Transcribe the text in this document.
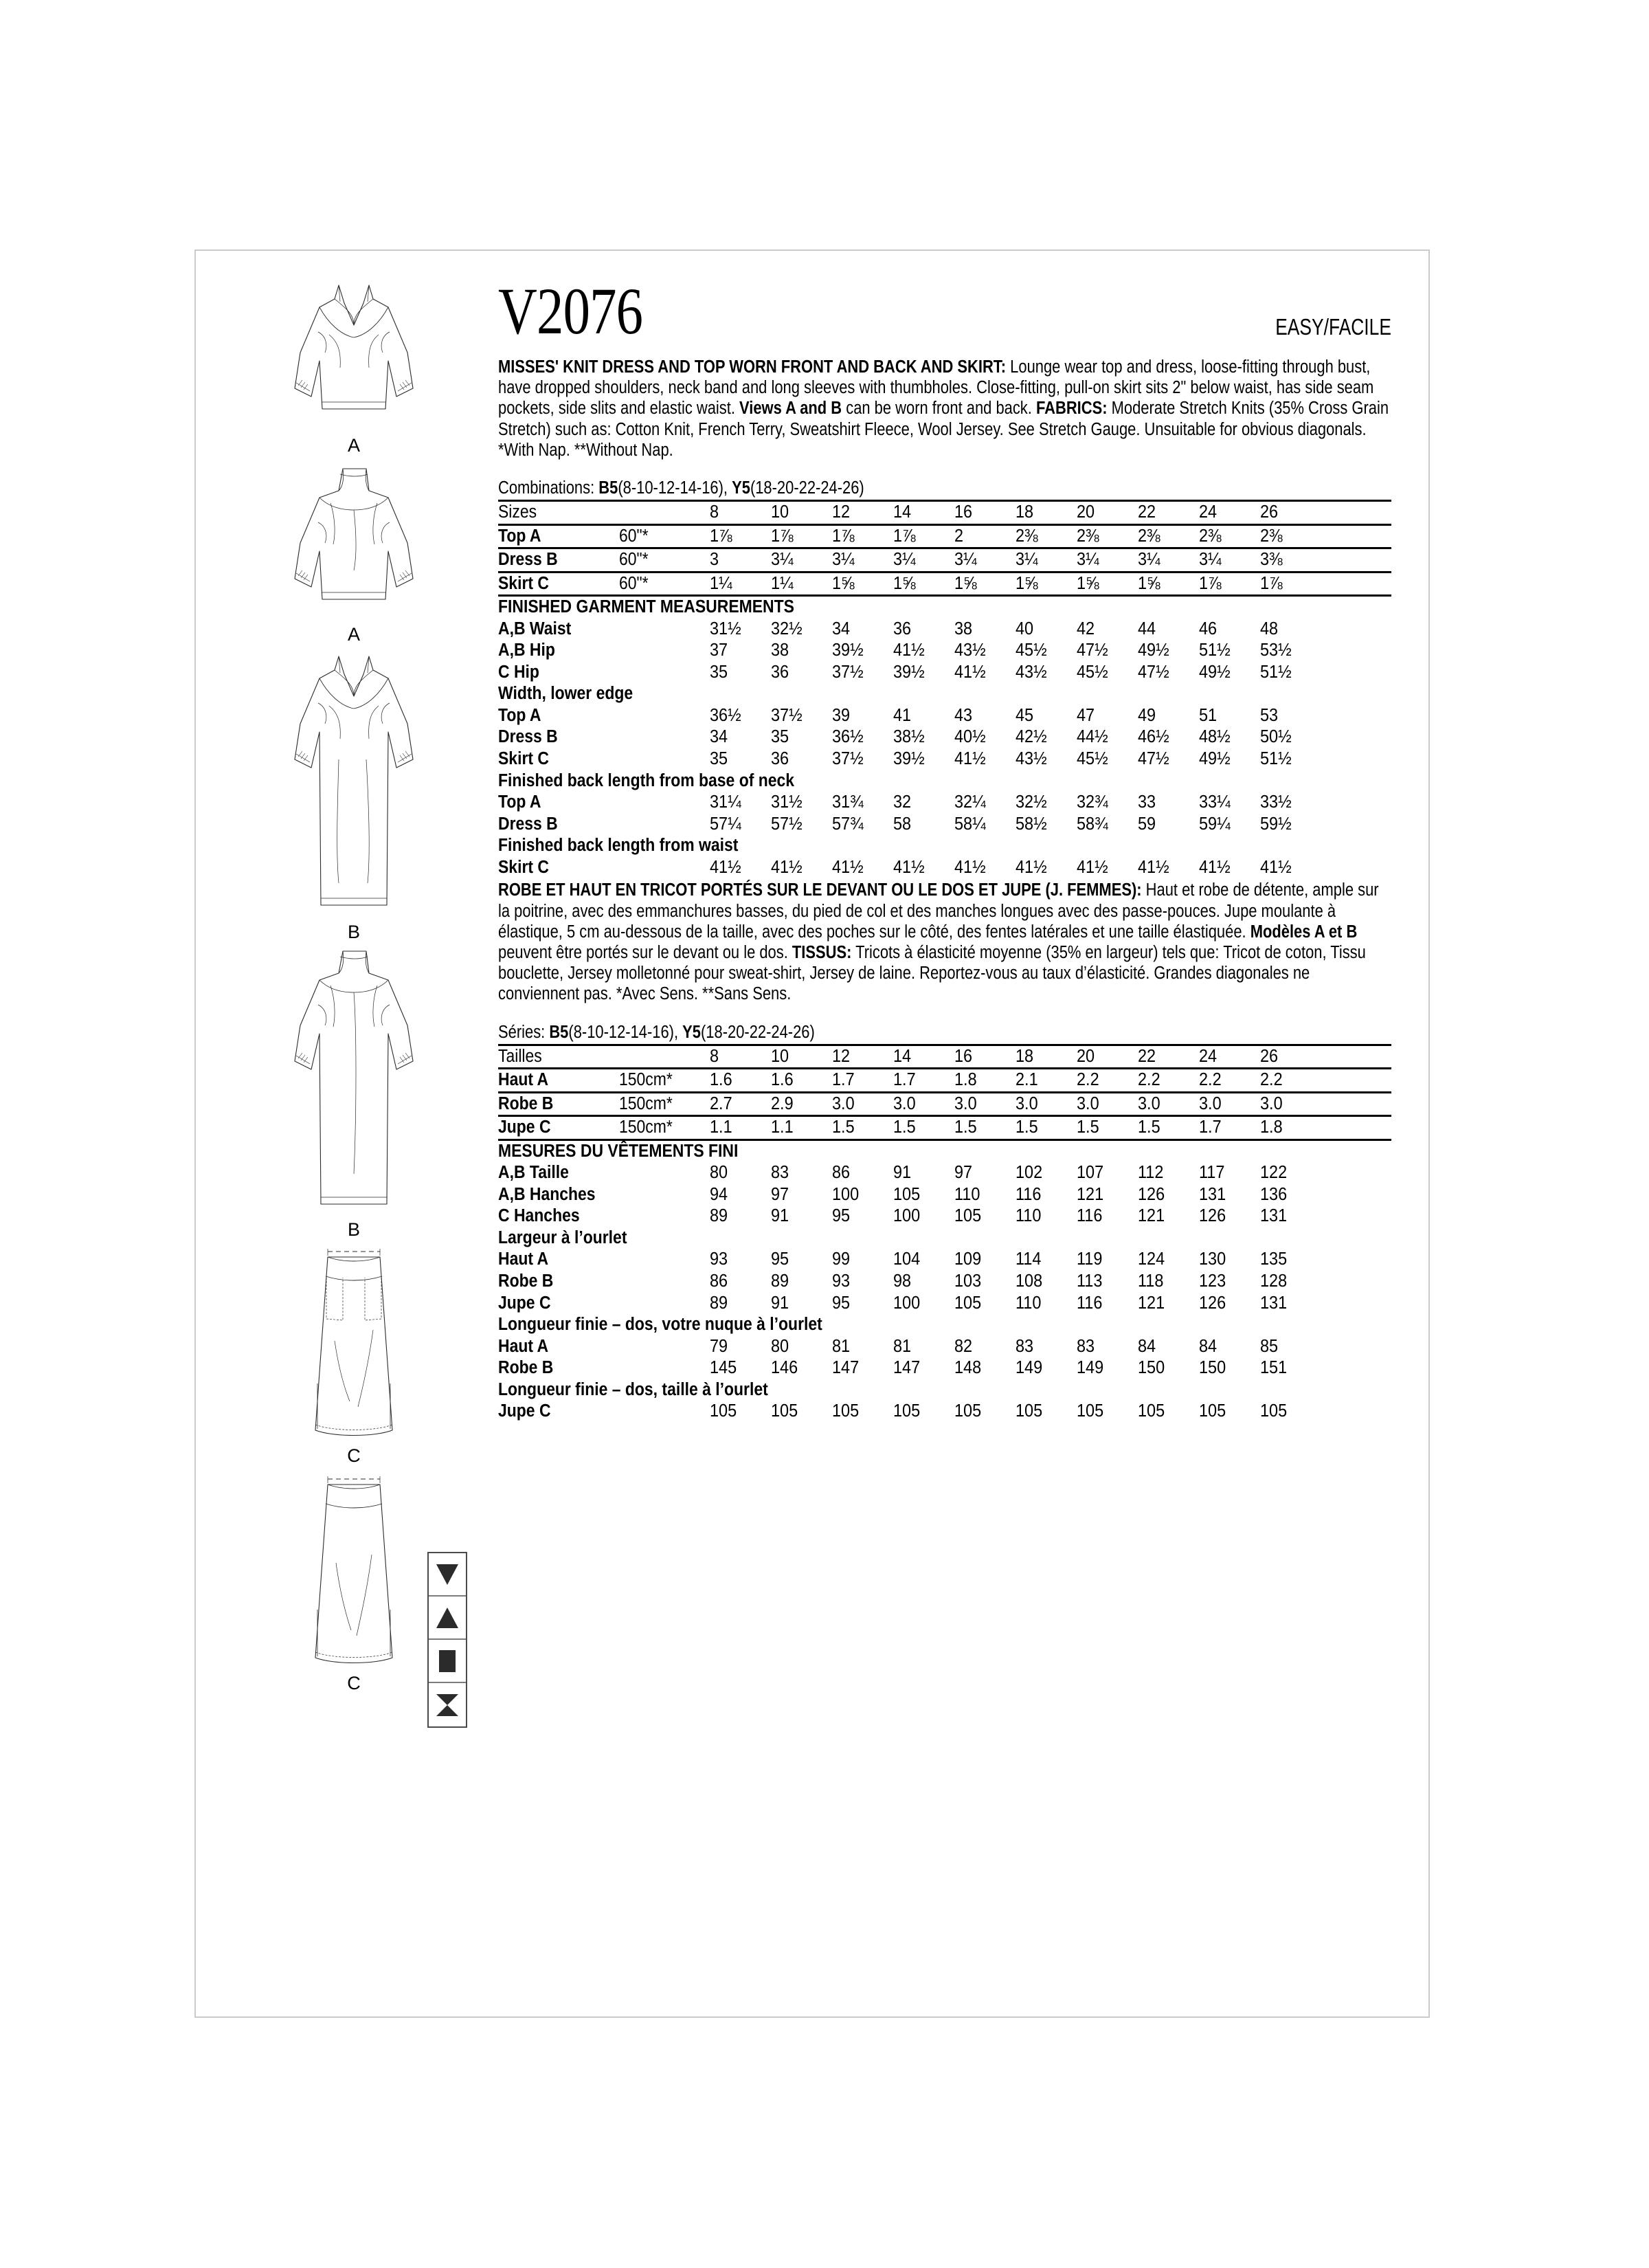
A
A
B
B
C
C
V2076	EASY/FACILE
MISSES' KNIT DRESS AND TOP WORN FRONT AND BACK AND SKIRT: Lounge wear top and dress, loose-fitting through bust, have dropped shoulders, neck band and long sleeves with thumbholes. Close-fitting, pull-on skirt sits 2" below waist, has side seam pockets, side slits and elastic waist. Views A and B can be worn front and back. FABRICS: Moderate Stretch Knits (35% Cross Grain Stretch) such as: Cotton Knit, French Terry, Sweatshirt Fleece, Wool Jersey. See Stretch Gauge. Unsuitable for obvious diagonals. *With Nap. **Without Nap.
Combinations: B5(8-10-12-14-16), Y5(18-20-22-24-26)
Sizes		8	10	12	14	16	18	20	22	24	26
Top A	60"*	1⅞	1⅞	1⅞	1⅞	2	2⅜	2⅜	2⅜	2⅜	2⅜
Dress B	60"*	3	3¼	3¼	3¼	3¼	3¼	3¼	3¼	3¼	3⅜
Skirt C	60"*	1¼	1¼	1⅝	1⅝	1⅝	1⅝	1⅝	1⅝	1⅞	1⅞
FINISHED GARMENT MEASUREMENTS											
A,B Waist		31½	32½	34	36	38	40	42	44	46	48
A,B Hip		37	38	39½	41½	43½	45½	47½	49½	51½	53½
C Hip		35	36	37½	39½	41½	43½	45½	47½	49½	51½
Width, lower edge											
Top A		36½	37½	39	41	43	45	47	49	51	53
Dress B		34	35	36½	38½	40½	42½	44½	46½	48½	50½
Skirt C		35	36	37½	39½	41½	43½	45½	47½	49½	51½
Finished back length from base of neck											
Top A		31¼	31½	31¾	32	32¼	32½	32¾	33	33¼	33½
Dress B		57¼	57½	57¾	58	58¼	58½	58¾	59	59¼	59½
Finished back length from waist											
Skirt C		41½	41½	41½	41½	41½	41½	41½	41½	41½	41½
ROBE ET HAUT EN TRICOT PORTÉS SUR LE DEVANT OU LE DOS ET JUPE (J. FEMMES): Haut et robe de détente, ample sur la poitrine, avec des emmanchures basses, du pied de col et des manches longues avec des passe-pouces. Jupe moulante à élastique, 5 cm au-dessous de la taille, avec des poches sur le côté, des fentes latérales et une taille élastiquée. Modèles A et B peuvent être portés sur le devant ou le dos. TISSUS: Tricots à élasticité moyenne (35% en largeur) tels que: Tricot de coton, Tissu bouclette, Jersey molletonné pour sweat-shirt, Jersey de laine. Reportez-vous au taux d’élasticité. Grandes diagonales ne conviennent pas. *Avec Sens. **Sans Sens.
Séries: B5(8-10-12-14-16), Y5(18-20-22-24-26)
Tailles		8	10	12	14	16	18	20	22	24	26
Haut A	150cm*	1.6	1.6	1.7	1.7	1.8	2.1	2.2	2.2	2.2	2.2
Robe B	150cm*	2.7	2.9	3.0	3.0	3.0	3.0	3.0	3.0	3.0	3.0
Jupe C	150cm*	1.1	1.1	1.5	1.5	1.5	1.5	1.5	1.5	1.7	1.8
MESURES DU VÊTEMENTS FINI											
A,B Taille		80	83	86	91	97	102	107	112	117	122
A,B Hanches		94	97	100	105	110	116	121	126	131	136
C Hanches		89	91	95	100	105	110	116	121	126	131
Largeur à l’ourlet											
Haut A		93	95	99	104	109	114	119	124	130	135
Robe B		86	89	93	98	103	108	113	118	123	128
Jupe C		89	91	95	100	105	110	116	121	126	131
Longueur finie – dos, votre nuque à l’ourlet											
Haut A		79	80	81	81	82	83	83	84	84	85
Robe B		145	146	147	147	148	149	149	150	150	151
Longueur finie – dos, taille à l’ourlet											
Jupe C		105	105	105	105	105	105	105	105	105	105
